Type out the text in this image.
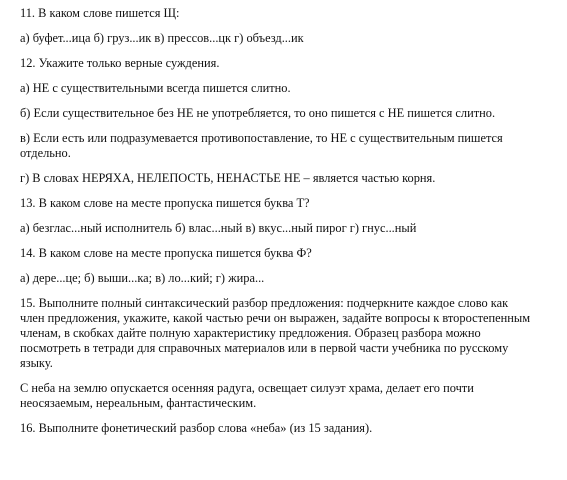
11. В каком слове пишется Щ:
а) буфет...ица б) груз...ик в) прессов...цк г) объезд...ик
12. Укажите только верные суждения.
а) НЕ с существительными всегда пишется слитно.
б) Если существительное без НЕ не употребляется, то оно пишется с НЕ пишется слитно.
в) Если есть или подразумевается противопоставление, то НЕ с существительным пишется
отдельно.
г) В словах НЕРЯХА, НЕЛЕПОСТЬ, НЕНАСТЬЕ НЕ – является частью корня.
13. В каком слове на месте пропуска пишется буква Т?
а) безглас...ный исполнитель б) влас...ный в) вкус...ный пирог г) гнус...ный
14. В каком слове на месте пропуска пишется буква Ф?
а) дере...це; б) выши...ка; в) ло...кий; г) жира...
15. Выполните полный синтаксический разбор предложения: подчеркните каждое слово как
член предложения, укажите, какой частью речи он выражен, задайте вопросы к второстепенным
членам, в скобках дайте полную характеристику предложения. Образец разбора можно
посмотреть в тетради для справочных материалов или в первой части учебника по русскому
языку.
С неба на землю опускается осенняя радуга, освещает силуэт храма, делает его почти
неосязаемым, нереальным, фантастическим.
16. Выполните фонетический разбор слова «неба» (из 15 задания).
